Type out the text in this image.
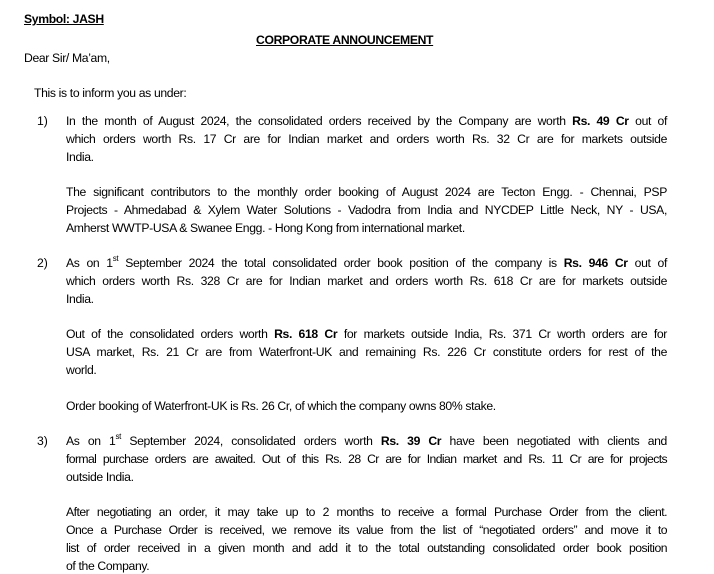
Symbol: JASH
CORPORATE ANNOUNCEMENT
Dear Sir/ Ma’am,
This is to inform you as under:
1) In the month of August 2024, the consolidated orders received by the Company are worth Rs. 49 Cr out of
which orders worth Rs. 17 Cr are for Indian market and orders worth Rs. 32 Cr are for markets outside
India.
The significant contributors to the monthly order booking of August 2024 are Tecton Engg. - Chennai, PSP
Projects - Ahmedabad & Xylem Water Solutions - Vadodra from India and NYCDEP Little Neck, NY - USA,
Amherst WWTP-USA & Swanee Engg. - Hong Kong from international market.
2) As on 1st September 2024 the total consolidated order book position of the company is Rs. 946 Cr out of
which orders worth Rs. 328 Cr are for Indian market and orders worth Rs. 618 Cr are for markets outside
India.
Out of the consolidated orders worth Rs. 618 Cr for markets outside India, Rs. 371 Cr worth orders are for
USA market, Rs. 21 Cr are from Waterfront-UK and remaining Rs. 226 Cr constitute orders for rest of the
world.
Order booking of Waterfront-UK is Rs. 26 Cr, of which the company owns 80% stake.
3) As on 1st September 2024, consolidated orders worth Rs. 39 Cr have been negotiated with clients and
formal purchase orders are awaited. Out of this Rs. 28 Cr are for Indian market and Rs. 11 Cr are for projects
outside India.
After negotiating an order, it may take up to 2 months to receive a formal Purchase Order from the client.
Once a Purchase Order is received, we remove its value from the list of “negotiated orders” and move it to
list of order received in a given month and add it to the total outstanding consolidated order book position
of the Company.
